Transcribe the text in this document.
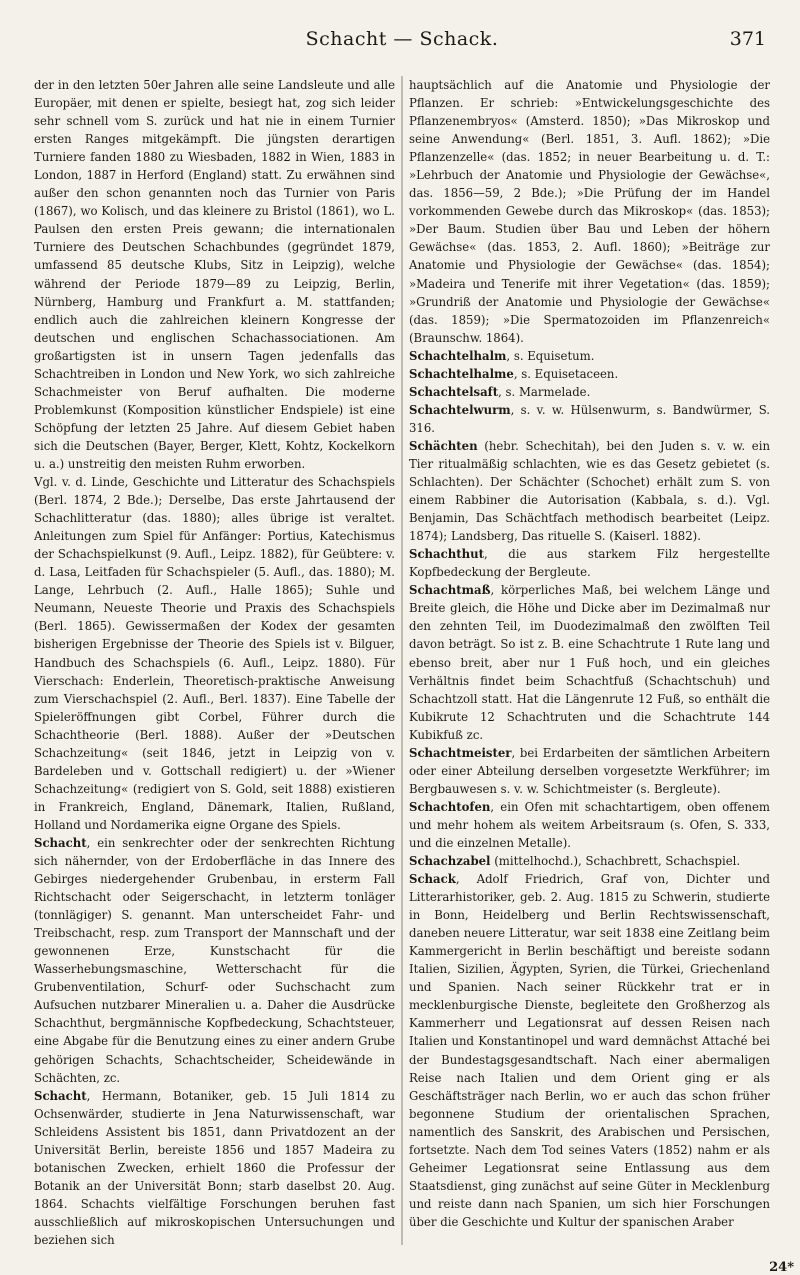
Schacht — Schack.	371

der in den letzten 50er Jahren alle seine Landsleute und alle Europäer, mit denen er spielte, besiegt hat, zog sich leider sehr schnell vom S. zurück und hat nie in einem Turnier ersten Ranges mitgekämpft. Die jüngsten derartigen Turniere fanden 1880 zu Wiesbaden, 1882 in Wien, 1883 in London, 1887 in Herford (England) statt. Zu erwähnen sind außer den schon genannten noch das Turnier von Paris (1867), wo Kolisch, und das kleinere zu Bristol (1861), wo L. Paulsen den ersten Preis gewann; die internationalen Turniere des Deutschen Schachbundes (gegründet 1879, umfassend 85 deutsche Klubs, Sitz in Leipzig), welche während der Periode 1879—89 zu Leipzig, Berlin, Nürnberg, Hamburg und Frankfurt a. M. stattfanden; endlich auch die zahlreichen kleinern Kongresse der deutschen und englischen Schachassociationen. Am großartigsten ist in unsern Tagen jedenfalls das Schachtreiben in London und New York, wo sich zahlreiche Schachmeister von Beruf aufhalten. Die moderne Problemkunst (Komposition künstlicher Endspiele) ist eine Schöpfung der letzten 25 Jahre. Auf diesem Gebiet haben sich die Deutschen (Bayer, Berger, Klett, Kohtz, Kockelkorn u. a.) unstreitig den meisten Ruhm erworben.

Vgl. v. d. Linde, Geschichte und Litteratur des Schachspiels (Berl. 1874, 2 Bde.); Derselbe, Das erste Jahrtausend der Schachlitteratur (das. 1880); alles übrige ist veraltet. Anleitungen zum Spiel für Anfänger: Portius, Katechismus der Schachspielkunst (9. Aufl., Leipz. 1882), für Geübtere: v. d. Lasa, Leitfaden für Schachspieler (5. Aufl., das. 1880); M. Lange, Lehrbuch (2. Aufl., Halle 1865); Suhle und Neumann, Neueste Theorie und Praxis des Schachspiels (Berl. 1865). Gewissermaßen der Kodex der gesamten bisherigen Ergebnisse der Theorie des Spiels ist v. Bilguer, Handbuch des Schachspiels (6. Aufl., Leipz. 1880). Für Vierschach: Enderlein, Theoretisch-praktische Anweisung zum Vierschachspiel (2. Aufl., Berl. 1837). Eine Tabelle der Spieleröffnungen gibt Corbel, Führer durch die Schachtheorie (Berl. 1888). Außer der »Deutschen Schachzeitung« (seit 1846, jetzt in Leipzig von v. Bardeleben und v. Gottschall redigiert) u. der »Wiener Schachzeitung« (redigiert von S. Gold, seit 1888) existieren in Frankreich, England, Dänemark, Italien, Rußland, Holland und Nordamerika eigne Organe des Spiels.

Schacht, ein senkrechter oder der senkrechten Richtung sich nähernder, von der Erdoberfläche in das Innere des Gebirges niedergehender Grubenbau, in ersterm Fall Richtschacht oder Seigerschacht, in letzterm tonläger (tonnlägiger) S. genannt. Man unterscheidet Fahr- und Treibschacht, resp. zum Transport der Mannschaft und der gewonnenen Erze, Kunstschacht für die Wasserhebungsmaschine, Wetterschacht für die Grubenventilation, Schurf- oder Suchschacht zum Aufsuchen nutzbarer Mineralien u. a. Daher die Ausdrücke Schachthut, bergmännische Kopfbedeckung, Schachtsteuer, eine Abgabe für die Benutzung eines zu einer andern Grube gehörigen Schachts, Schachtscheider, Scheidewände in Schächten, zc.

Schacht, Hermann, Botaniker, geb. 15 Juli 1814 zu Ochsenwärder, studierte in Jena Naturwissenschaft, war Schleidens Assistent bis 1851, dann Privatdozent an der Universität Berlin, bereiste 1856 und 1857 Madeira zu botanischen Zwecken, erhielt 1860 die Professur der Botanik an der Universität Bonn; starb daselbst 20. Aug. 1864. Schachts vielfältige Forschungen beruhen fast ausschließlich auf mikroskopischen Untersuchungen und beziehen sich

hauptsächlich auf die Anatomie und Physiologie der Pflanzen. Er schrieb: »Entwickelungsgeschichte des Pflanzenembryos« (Amsterd. 1850); »Das Mikroskop und seine Anwendung« (Berl. 1851, 3. Aufl. 1862); »Die Pflanzenzelle« (das. 1852; in neuer Bearbeitung u. d. T.: »Lehrbuch der Anatomie und Physiologie der Gewächse«, das. 1856—59, 2 Bde.); »Die Prüfung der im Handel vorkommenden Gewebe durch das Mikroskop« (das. 1853); »Der Baum. Studien über Bau und Leben der höhern Gewächse« (das. 1853, 2. Aufl. 1860); »Beiträge zur Anatomie und Physiologie der Gewächse« (das. 1854); »Madeira und Tenerife mit ihrer Vegetation« (das. 1859); »Grundriß der Anatomie und Physiologie der Gewächse« (das. 1859); »Die Spermatozoiden im Pflanzenreich« (Braunschw. 1864).

Schachtelhalm, s. Equisetum.

Schachtelhalme, s. Equisetaceen.

Schachtelsaft, s. Marmelade.

Schachtelwurm, s. v. w. Hülsenwurm, s. Bandwürmer, S. 316.

Schächten (hebr. Schechitah), bei den Juden s. v. w. ein Tier ritualmäßig schlachten, wie es das Gesetz gebietet (s. Schlachten). Der Schächter (Schochet) erhält zum S. von einem Rabbiner die Autorisation (Kabbala, s. d.). Vgl. Benjamin, Das Schächtfach methodisch bearbeitet (Leipz. 1874); Landsberg, Das rituelle S. (Kaiserl. 1882).

Schachthut, die aus starkem Filz hergestellte Kopfbedeckung der Bergleute.

Schachtmaß, körperliches Maß, bei welchem Länge und Breite gleich, die Höhe und Dicke aber im Dezimalmaß nur den zehnten Teil, im Duodezimalmaß den zwölften Teil davon beträgt. So ist z. B. eine Schachtrute 1 Rute lang und ebenso breit, aber nur 1 Fuß hoch, und ein gleiches Verhältnis findet beim Schachtfuß (Schachtschuh) und Schachtzoll statt. Hat die Längenrute 12 Fuß, so enthält die Kubikrute 12 Schachtruten und die Schachtrute 144 Kubikfuß zc.

Schachtmeister, bei Erdarbeiten der sämtlichen Arbeitern oder einer Abteilung derselben vorgesetzte Werkführer; im Bergbauwesen s. v. w. Schichtmeister (s. Bergleute).

Schachtofen, ein Ofen mit schachtartigem, oben offenem und mehr hohem als weitem Arbeitsraum (s. Ofen, S. 333, und die einzelnen Metalle).

Schachzabel (mittelhochd.), Schachbrett, Schachspiel.

Schack, Adolf Friedrich, Graf von, Dichter und Litterarhistoriker, geb. 2. Aug. 1815 zu Schwerin, studierte in Bonn, Heidelberg und Berlin Rechtswissenschaft, daneben neuere Litteratur, war seit 1838 eine Zeitlang beim Kammergericht in Berlin beschäftigt und bereiste sodann Italien, Sizilien, Ägypten, Syrien, die Türkei, Griechenland und Spanien. Nach seiner Rückkehr trat er in mecklenburgische Dienste, begleitete den Großherzog als Kammerherr und Legationsrat auf dessen Reisen nach Italien und Konstantinopel und ward demnächst Attaché bei der Bundestagsgesandtschaft. Nach einer abermaligen Reise nach Italien und dem Orient ging er als Geschäftsträger nach Berlin, wo er auch das schon früher begonnene Studium der orientalischen Sprachen, namentlich des Sanskrit, des Arabischen und Persischen, fortsetzte. Nach dem Tod seines Vaters (1852) nahm er als Geheimer Legationsrat seine Entlassung aus dem Staatsdienst, ging zunächst auf seine Güter in Mecklenburg und reiste dann nach Spanien, um sich hier Forschungen über die Geschichte und Kultur der spanischen Araber

24*
